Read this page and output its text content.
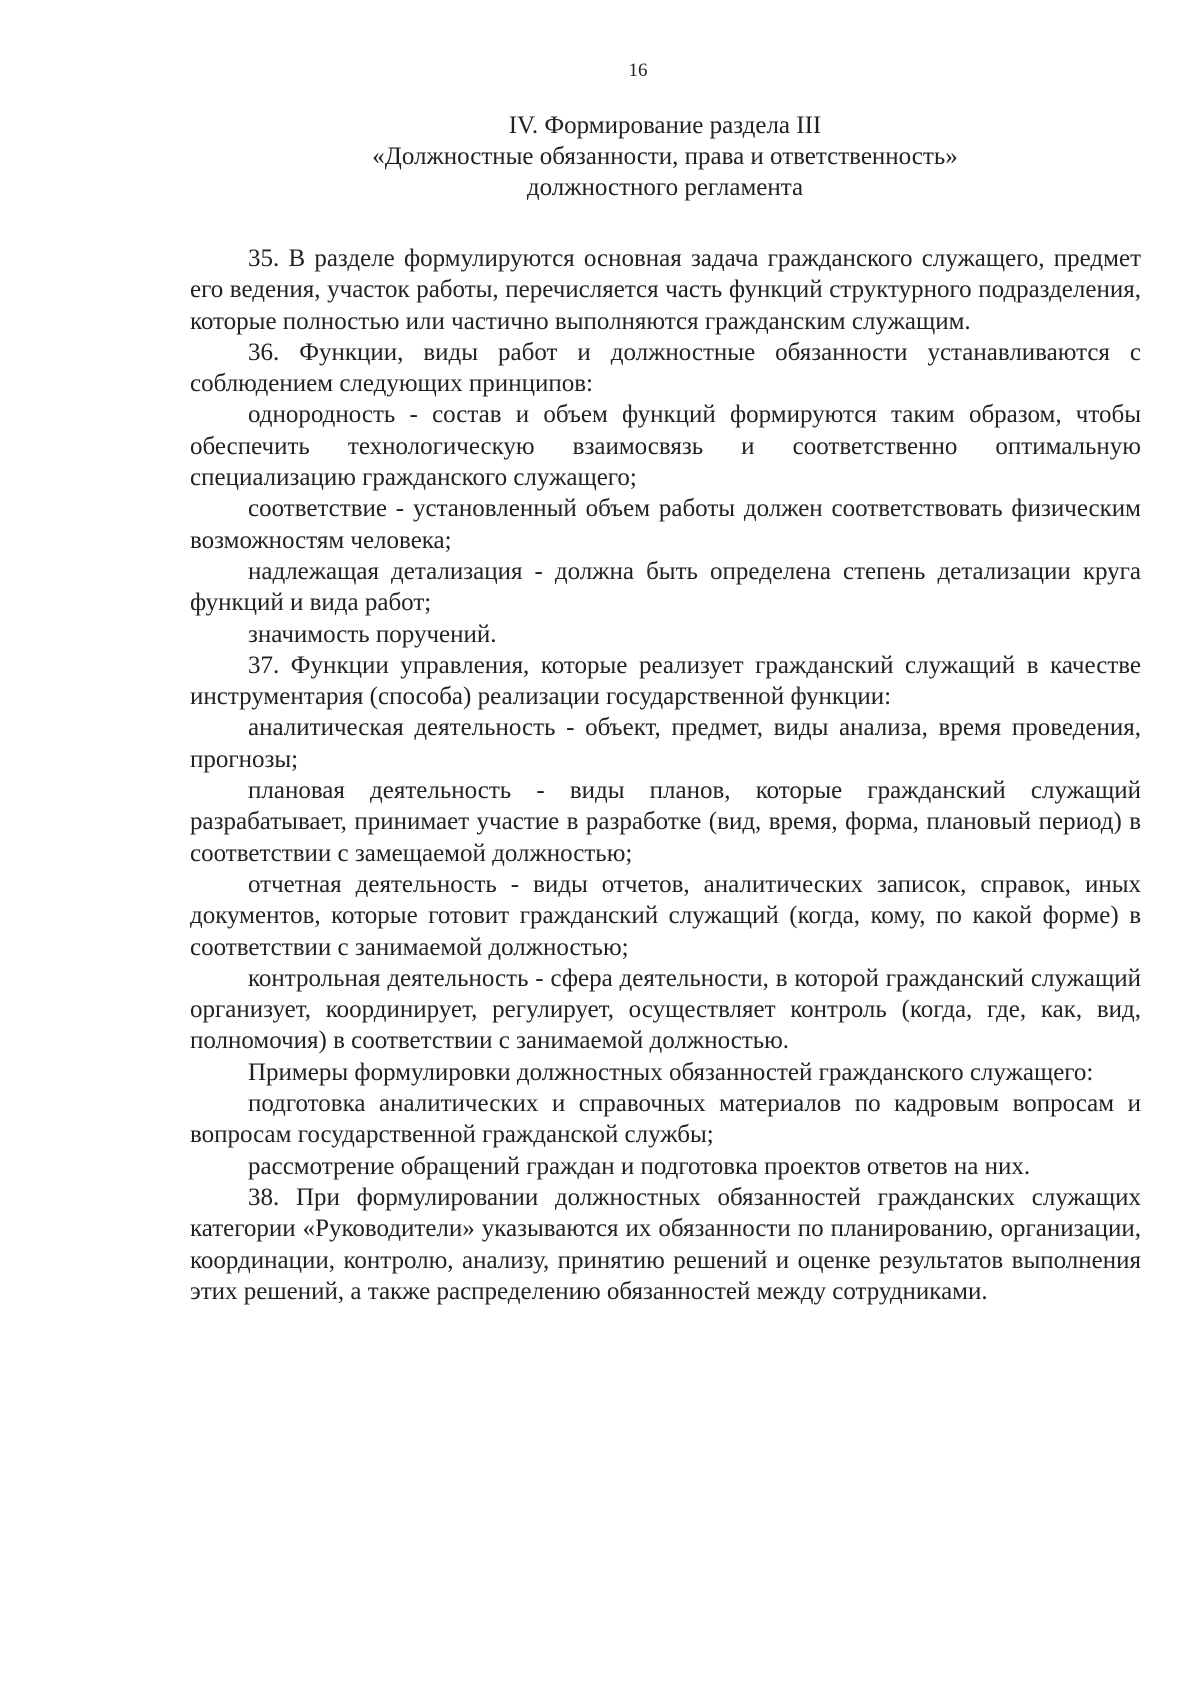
16
IV. Формирование раздела III
«Должностные обязанности, права и ответственность»
должностного регламента

35. В разделе формулируются основная задача гражданского служащего, предмет его ведения, участок работы, перечисляется часть функций структурного подразделения, которые полностью или частично выполняются гражданским служащим.

36. Функции, виды работ и должностные обязанности устанавливаются с соблюдением следующих принципов:

однородность - состав и объем функций формируются таким образом, чтобы обеспечить технологическую взаимосвязь и соответственно оптимальную специализацию гражданского служащего;

соответствие - установленный объем работы должен соответствовать физическим возможностям человека;

надлежащая детализация - должна быть определена степень детализации круга функций и вида работ;

значимость поручений.

37. Функции управления, которые реализует гражданский служащий в качестве инструментария (способа) реализации государственной функции:

аналитическая деятельность - объект, предмет, виды анализа, время проведения, прогнозы;

плановая деятельность - виды планов, которые гражданский служащий разрабатывает, принимает участие в разработке (вид, время, форма, плановый период) в соответствии с замещаемой должностью;

отчетная деятельность - виды отчетов, аналитических записок, справок, иных документов, которые готовит гражданский служащий (когда, кому, по какой форме) в соответствии с занимаемой должностью;

контрольная деятельность - сфера деятельности, в которой гражданский служащий организует, координирует, регулирует, осуществляет контроль (когда, где, как, вид, полномочия) в соответствии с занимаемой должностью.

Примеры формулировки должностных обязанностей гражданского служащего:

подготовка аналитических и справочных материалов по кадровым вопросам и вопросам государственной гражданской службы;

рассмотрение обращений граждан и подготовка проектов ответов на них.

38. При формулировании должностных обязанностей гражданских служащих категории «Руководители» указываются их обязанности по планированию, организации, координации, контролю, анализу, принятию решений и оценке результатов выполнения этих решений, а также распределению обязанностей между сотрудниками.
